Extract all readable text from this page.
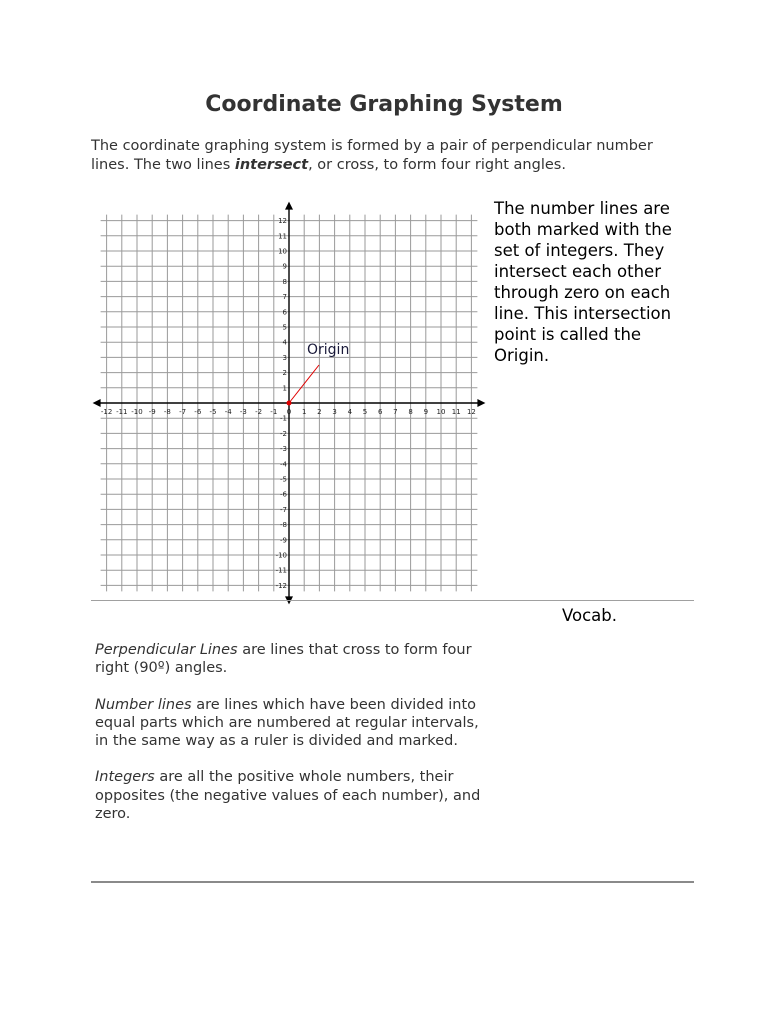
Coordinate Graphing System

The coordinate graphing system is formed by a pair of perpendicular number lines. The two lines intersect, or cross, to form four right angles.

-12 -11 -10 -9 -8 -7 -6 -5 -4 -3 -2 -1 0 1 2 3 4 5 6 7 8 9 10 11 12
-12
-11
-10
-9
-8
-7
-6
-5
-4
-3
-2
-1
1
2
3
4
5
6
7
8
9
10
11
12
Origin

The number lines are both marked with the set of integers. They intersect each other through zero on each line. This intersection point is called the Origin.

Vocab.

Perpendicular Lines are lines that cross to form four right (90º) angles.

Number lines are lines which have been divided into equal parts which are numbered at regular intervals, in the same way as a ruler is divided and marked.

Integers are all the positive whole numbers, their opposites (the negative values of each number), and zero.
